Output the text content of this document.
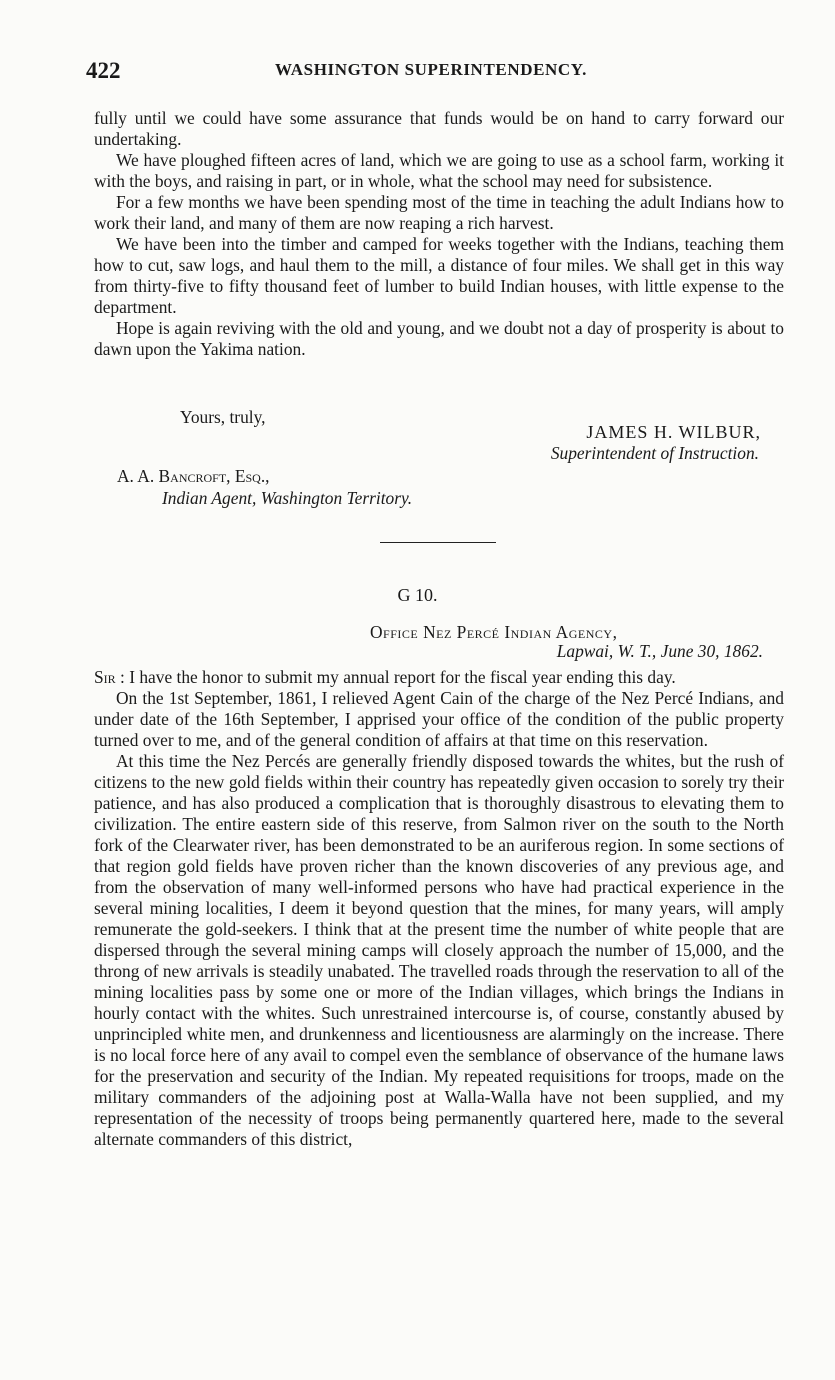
422	WASHINGTON SUPERINTENDENCY.

fully until we could have some assurance that funds would be on hand to carry forward our undertaking.

We have ploughed fifteen acres of land, which we are going to use as a school farm, working it with the boys, and raising in part, or in whole, what the school may need for subsistence.

For a few months we have been spending most of the time in teaching the adult Indians how to work their land, and many of them are now reaping a rich harvest.

We have been into the timber and camped for weeks together with the Indians, teaching them how to cut, saw logs, and haul them to the mill, a distance of four miles. We shall get in this way from thirty-five to fifty thousand feet of lumber to build Indian houses, with little expense to the department.

Hope is again reviving with the old and young, and we doubt not a day of prosperity is about to dawn upon the Yakima nation.

Yours, truly,
JAMES H. WILBUR,
Superintendent of Instruction.
A. A. Bancroft, Esq.,
Indian Agent, Washington Territory.
G 10.
Office Nez Percé Indian Agency,
Lapwai, W. T., June 30, 1862.

Sir : I have the honor to submit my annual report for the fiscal year ending this day.

On the 1st September, 1861, I relieved Agent Cain of the charge of the Nez Percé Indians, and under date of the 16th September, I apprised your office of the condition of the public property turned over to me, and of the general condition of affairs at that time on this reservation.

At this time the Nez Percés are generally friendly disposed towards the whites, but the rush of citizens to the new gold fields within their country has repeatedly given occasion to sorely try their patience, and has also produced a complication that is thoroughly disastrous to elevating them to civilization. The entire eastern side of this reserve, from Salmon river on the south to the North fork of the Clearwater river, has been demonstrated to be an auriferous region. In some sections of that region gold fields have proven richer than the known discoveries of any previous age, and from the observation of many well-informed persons who have had practical experience in the several mining localities, I deem it beyond question that the mines, for many years, will amply remunerate the gold-seekers. I think that at the present time the number of white people that are dispersed through the several mining camps will closely approach the number of 15,000, and the throng of new arrivals is steadily unabated. The travelled roads through the reservation to all of the mining localities pass by some one or more of the Indian villages, which brings the Indians in hourly contact with the whites. Such unrestrained intercourse is, of course, constantly abused by unprincipled white men, and drunkenness and licentiousness are alarmingly on the increase. There is no local force here of any avail to compel even the semblance of observance of the humane laws for the preservation and security of the Indian. My repeated requisitions for troops, made on the military commanders of the adjoining post at Walla-Walla have not been supplied, and my representation of the necessity of troops being permanently quartered here, made to the several alternate commanders of this district,
